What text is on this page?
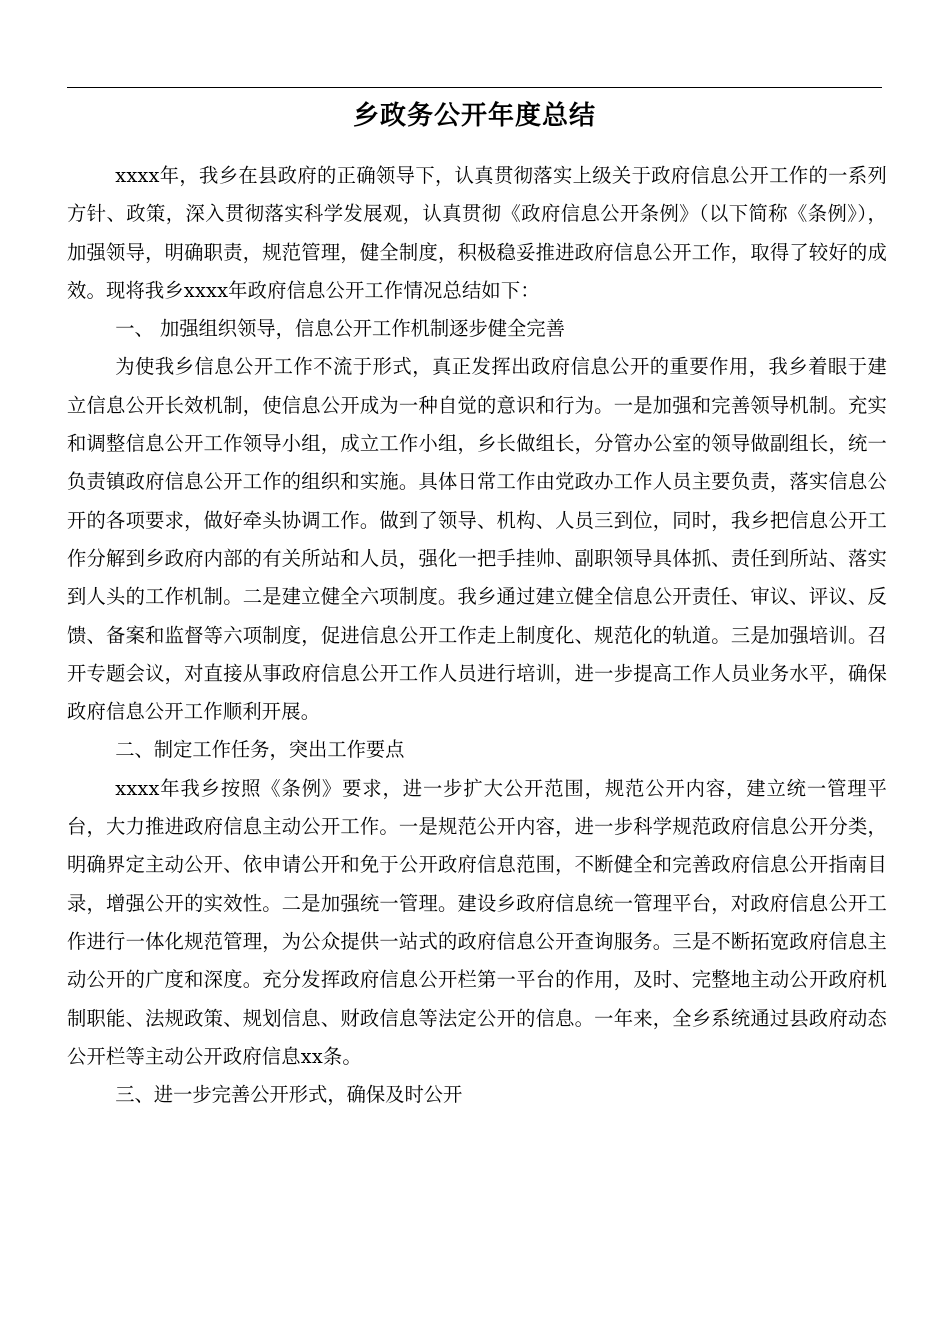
乡政务公开年度总结

xxxx年，我乡在县政府的正确领导下，认真贯彻落实上级关于政府信息公开工作的一系列方针、政策，深入贯彻落实科学发展观，认真贯彻《政府信息公开条例》（以下简称《条例》），加强领导，明确职责，规范管理，健全制度，积极稳妥推进政府信息公开工作，取得了较好的成效。现将我乡xxxx年政府信息公开工作情况总结如下：

一、 加强组织领导，信息公开工作机制逐步健全完善

为使我乡信息公开工作不流于形式，真正发挥出政府信息公开的重要作用，我乡着眼于建立信息公开长效机制，使信息公开成为一种自觉的意识和行为。一是加强和完善领导机制。充实和调整信息公开工作领导小组，成立工作小组，乡长做组长，分管办公室的领导做副组长，统一负责镇政府信息公开工作的组织和实施。具体日常工作由党政办工作人员主要负责，落实信息公开的各项要求，做好牵头协调工作。做到了领导、机构、人员三到位，同时，我乡把信息公开工作分解到乡政府内部的有关所站和人员，强化一把手挂帅、副职领导具体抓、责任到所站、落实到人头的工作机制。二是建立健全六项制度。我乡通过建立健全信息公开责任、审议、评议、反馈、备案和监督等六项制度，促进信息公开工作走上制度化、规范化的轨道。三是加强培训。召开专题会议，对直接从事政府信息公开工作人员进行培训，进一步提高工作人员业务水平，确保政府信息公开工作顺利开展。

二、制定工作任务，突出工作要点

xxxx年我乡按照《条例》要求，进一步扩大公开范围，规范公开内容，建立统一管理平台，大力推进政府信息主动公开工作。一是规范公开内容，进一步科学规范政府信息公开分类，明确界定主动公开、依申请公开和免于公开政府信息范围，不断健全和完善政府信息公开指南目录，增强公开的实效性。二是加强统一管理。建设乡政府信息统一管理平台，对政府信息公开工作进行一体化规范管理，为公众提供一站式的政府信息公开查询服务。三是不断拓宽政府信息主动公开的广度和深度。充分发挥政府信息公开栏第一平台的作用，及时、完整地主动公开政府机制职能、法规政策、规划信息、财政信息等法定公开的信息。一年来，全乡系统通过县政府动态公开栏等主动公开政府信息xx条。

三、进一步完善公开形式，确保及时公开
